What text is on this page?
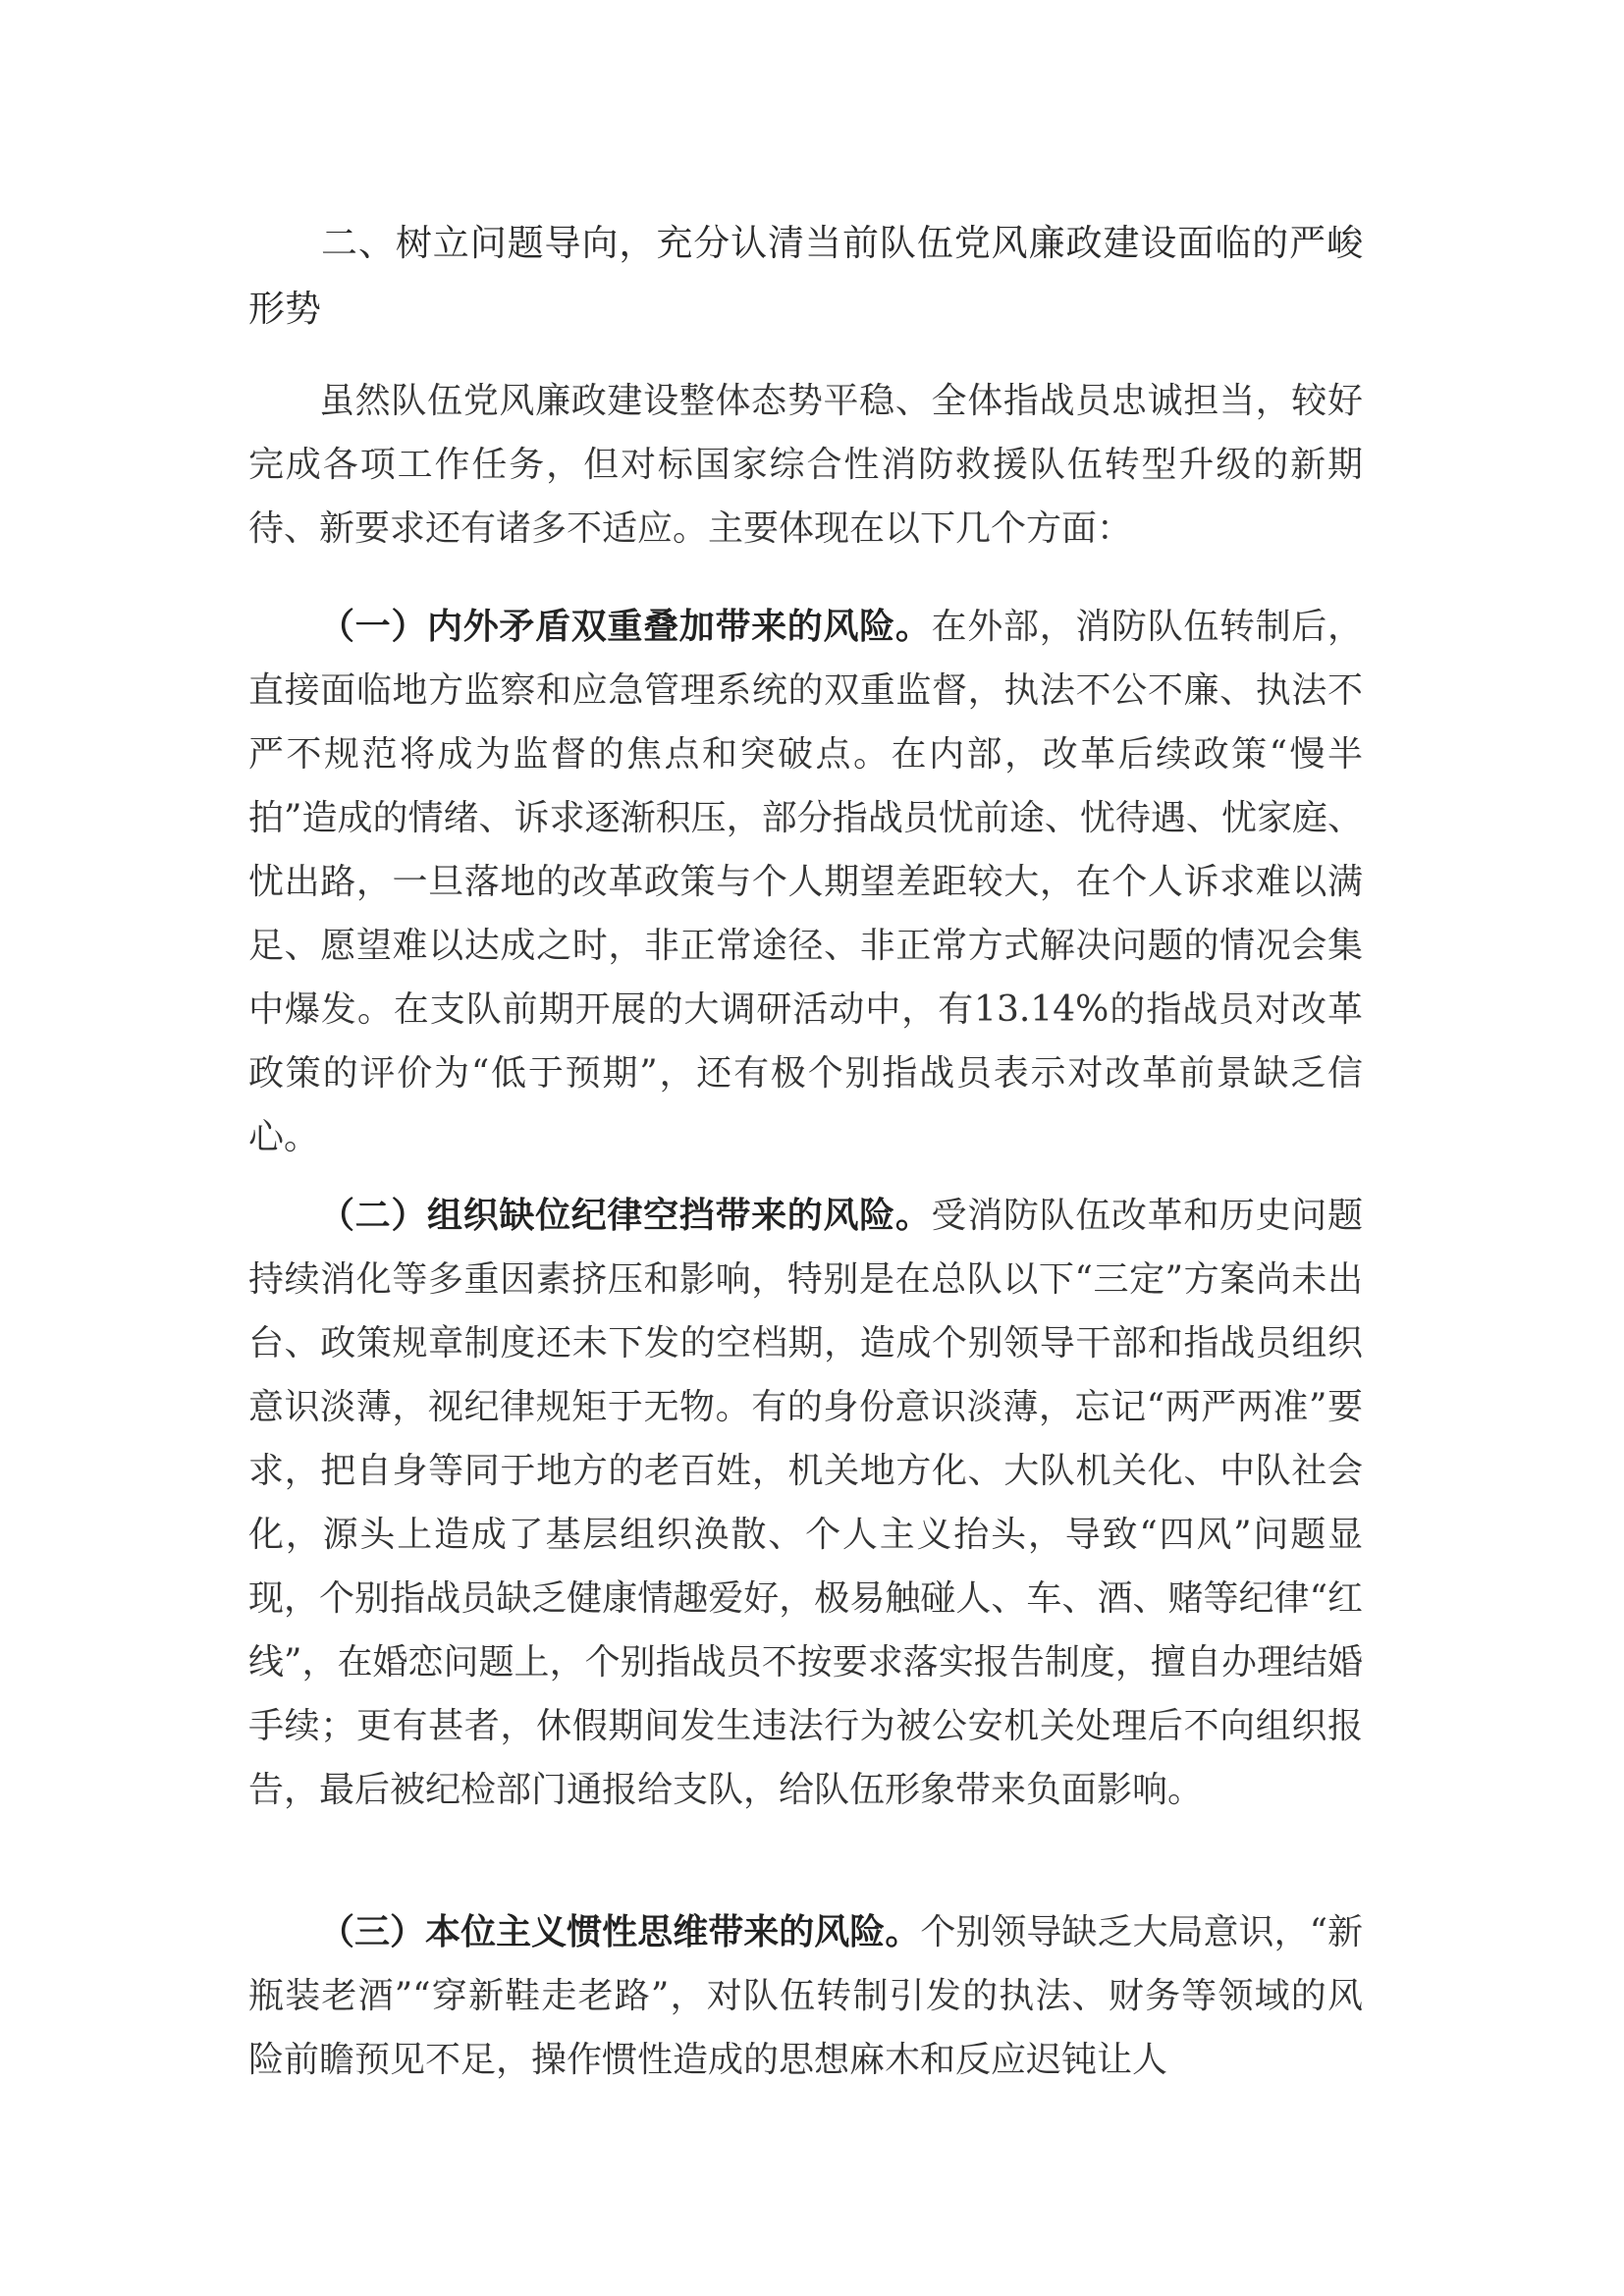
二、树立问题导向，充分认清当前队伍党风廉政建设面临的严峻形势

虽然队伍党风廉政建设整体态势平稳、全体指战员忠诚担当，较好完成各项工作任务，但对标国家综合性消防救援队伍转型升级的新期待、新要求还有诸多不适应。主要体现在以下几个方面：

（一）内外矛盾双重叠加带来的风险。在外部，消防队伍转制后，直接面临地方监察和应急管理系统的双重监督，执法不公不廉、执法不严不规范将成为监督的焦点和突破点。在内部，改革后续政策“慢半拍”造成的情绪、诉求逐渐积压，部分指战员忧前途、忧待遇、忧家庭、忧出路，一旦落地的改革政策与个人期望差距较大，在个人诉求难以满足、愿望难以达成之时，非正常途径、非正常方式解决问题的情况会集中爆发。在支队前期开展的大调研活动中，有13.14%的指战员对改革政策的评价为“低于预期”，还有极个别指战员表示对改革前景缺乏信心。

（二）组织缺位纪律空挡带来的风险。受消防队伍改革和历史问题持续消化等多重因素挤压和影响，特别是在总队以下“三定”方案尚未出台、政策规章制度还未下发的空档期，造成个别领导干部和指战员组织意识淡薄，视纪律规矩于无物。有的身份意识淡薄，忘记“两严两准”要求，把自身等同于地方的老百姓，机关地方化、大队机关化、中队社会化，源头上造成了基层组织涣散、个人主义抬头，导致“四风”问题显现，个别指战员缺乏健康情趣爱好，极易触碰人、车、酒、赌等纪律“红线”，在婚恋问题上，个别指战员不按要求落实报告制度，擅自办理结婚手续；更有甚者，休假期间发生违法行为被公安机关处理后不向组织报告，最后被纪检部门通报给支队，给队伍形象带来负面影响。

（三）本位主义惯性思维带来的风险。个别领导缺乏大局意识，“新瓶装老酒”“穿新鞋走老路”，对队伍转制引发的执法、财务等领域的风险前瞻预见不足，操作惯性造成的思想麻木和反应迟钝让人
